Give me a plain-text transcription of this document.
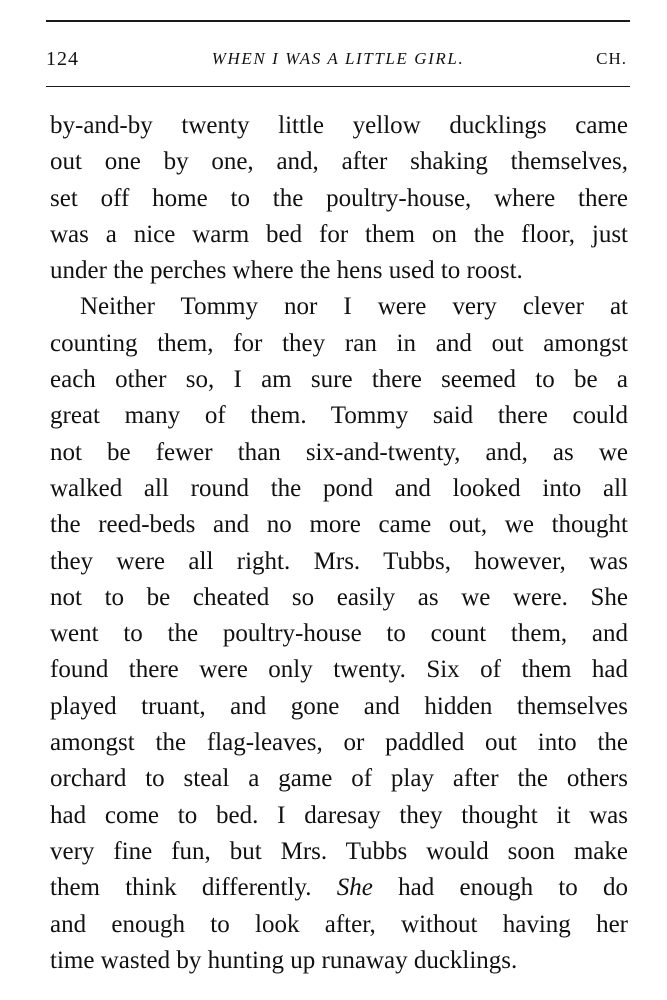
124	WHEN I WAS A LITTLE GIRL.	CH.
by-and-by twenty little yellow ducklings came
out one by one, and, after shaking themselves,
set off home to the poultry-house, where there
was a nice warm bed for them on the floor, just
under the perches where the hens used to roost.
Neither Tommy nor I were very clever at
counting them, for they ran in and out amongst
each other so, I am sure there seemed to be a
great many of them. Tommy said there could
not be fewer than six-and-twenty, and, as we
walked all round the pond and looked into all
the reed-beds and no more came out, we thought
they were all right. Mrs. Tubbs, however, was
not to be cheated so easily as we were. She
went to the poultry-house to count them, and
found there were only twenty. Six of them had
played truant, and gone and hidden themselves
amongst the flag-leaves, or paddled out into the
orchard to steal a game of play after the others
had come to bed. I daresay they thought it was
very fine fun, but Mrs. Tubbs would soon make
them think differently. She had enough to do
and enough to look after, without having her
time wasted by hunting up runaway ducklings.
